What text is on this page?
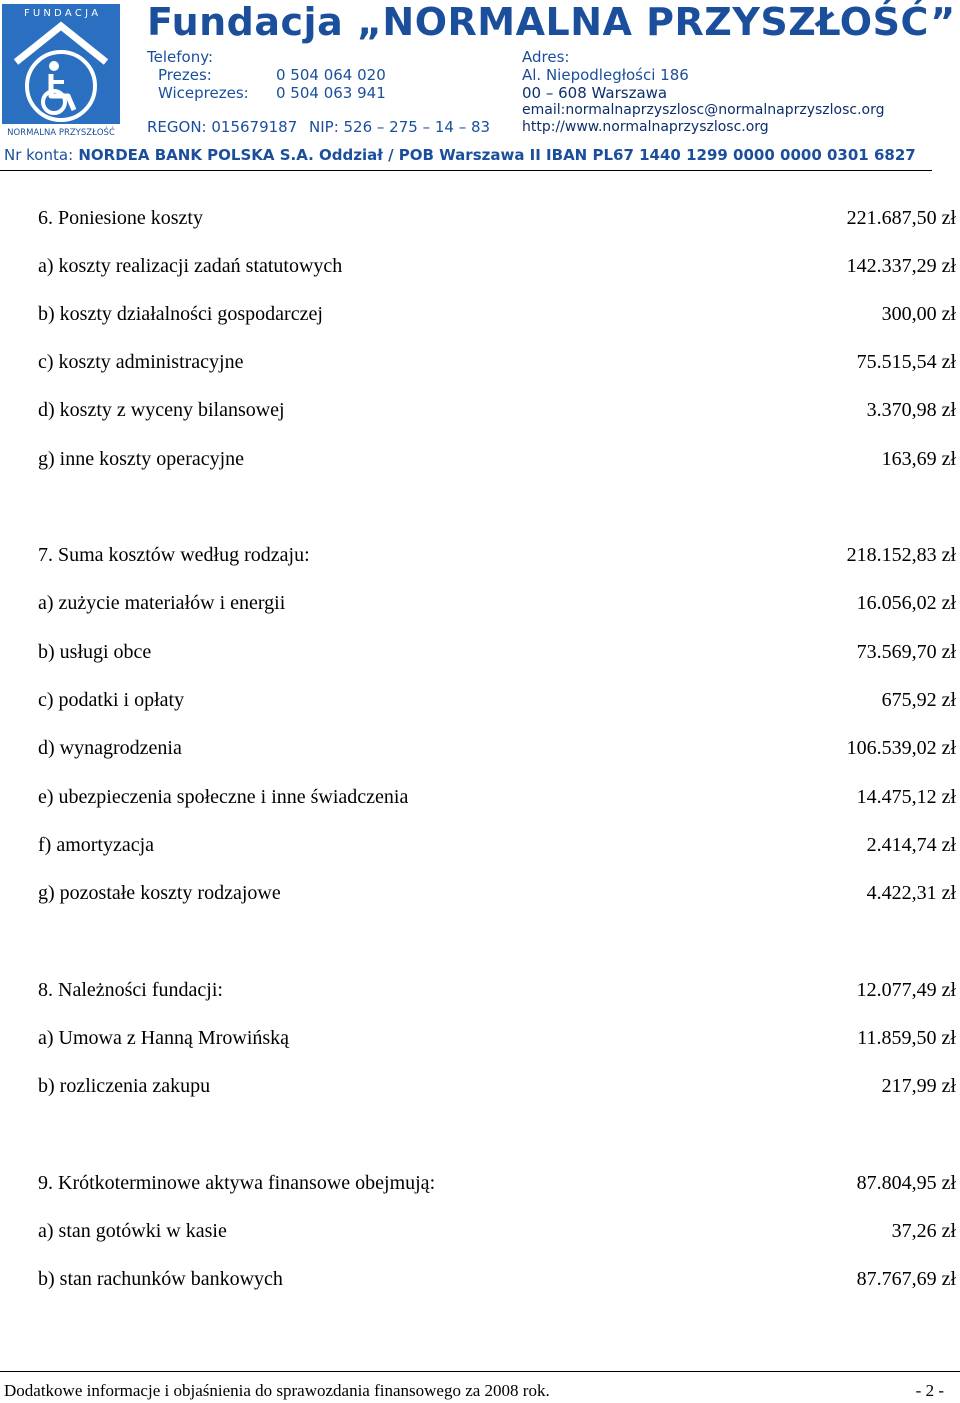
F U N D A C J A
NORMALNA PRZYSZŁOŚĆ
Fundacja „NORMALNA PRZYSZŁOŚĆ”
Telefony:
Prezes:	0 504 064 020
Wiceprezes: 0 504 063 941
REGON: 015679187 NIP: 526 – 275 – 14 – 83
Adres:
Al. Niepodległości 186
00 – 608 Warszawa
email:normalnaprzyszlosc@normalnaprzyszlosc.org
http://www.normalnaprzyszlosc.org
Nr konta: NORDEA BANK POLSKA S.A. Oddział / POB Warszawa II IBAN PL67 1440 1299 0000 0000 0301 6827
6. Poniesione koszty	221.687,50 zł
a) koszty realizacji zadań statutowych	142.337,29 zł
b) koszty działalności gospodarczej	300,00 zł
c) koszty administracyjne	75.515,54 zł
d) koszty z wyceny bilansowej	3.370,98 zł
g) inne koszty operacyjne	163,69 zł
7. Suma kosztów według rodzaju:	218.152,83 zł
a) zużycie materiałów i energii	16.056,02 zł
b) usługi obce	73.569,70 zł
c) podatki i opłaty	675,92 zł
d) wynagrodzenia	106.539,02 zł
e) ubezpieczenia społeczne i inne świadczenia	14.475,12 zł
f) amortyzacja	2.414,74 zł
g) pozostałe koszty rodzajowe	4.422,31 zł
8. Należności fundacji:	12.077,49 zł
a) Umowa z Hanną Mrowińską	11.859,50 zł
b) rozliczenia zakupu	217,99 zł
9. Krótkoterminowe aktywa finansowe obejmują:	87.804,95 zł
a) stan gotówki w kasie	37,26 zł
b) stan rachunków bankowych	87.767,69 zł
Dodatkowe informacje i objaśnienia do sprawozdania finansowego za 2008 rok.	- 2 -
